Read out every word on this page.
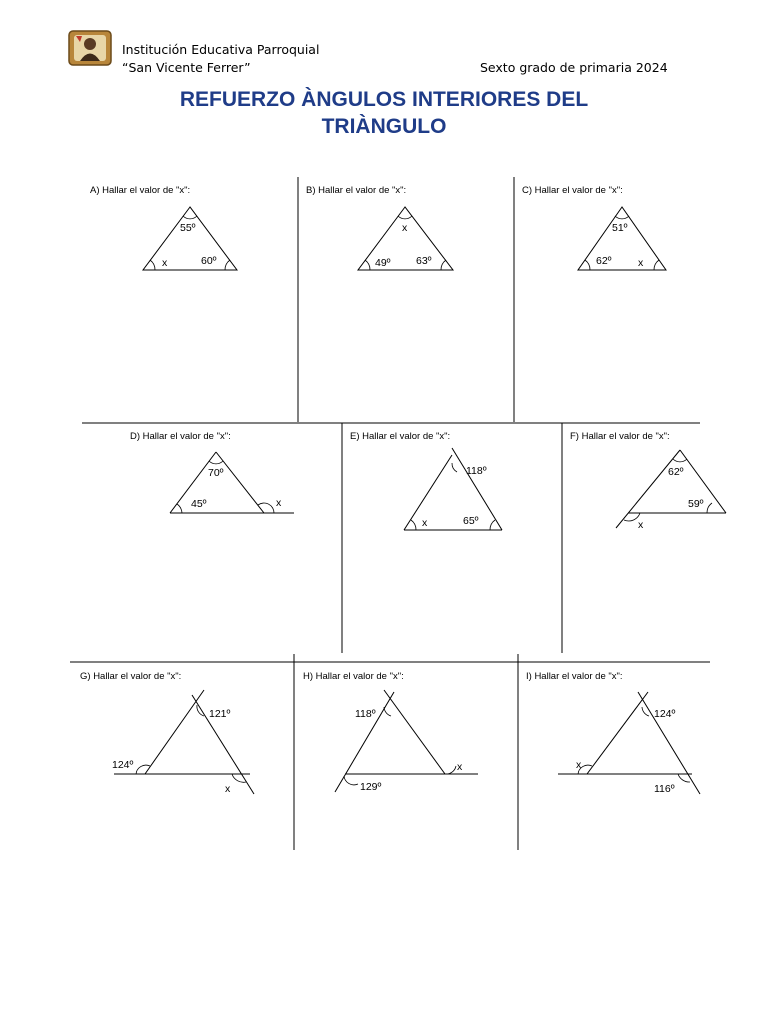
Institución Educativa Parroquial
“San Vicente Ferrer”	Sexto grado de primaria 2024
REFUERZO ÀNGULOS INTERIORES DEL
TRIÀNGULO
A) Hallar el valor de "x":
55º
x	60º
B) Hallar el valor de "x":
x
49º 63º
C) Hallar el valor de "x":
51º
62º	x
D) Hallar el valor de "x":
70º
45º	x
E) Hallar el valor de "x":
118º
x	65º
F) Hallar el valor de "x":
62º
x
59º
G) Hallar el valor de "x":
121º
124º
x
H) Hallar el valor de "x":
118º
129º
x
I) Hallar el valor de "x":
124º
x
116º
